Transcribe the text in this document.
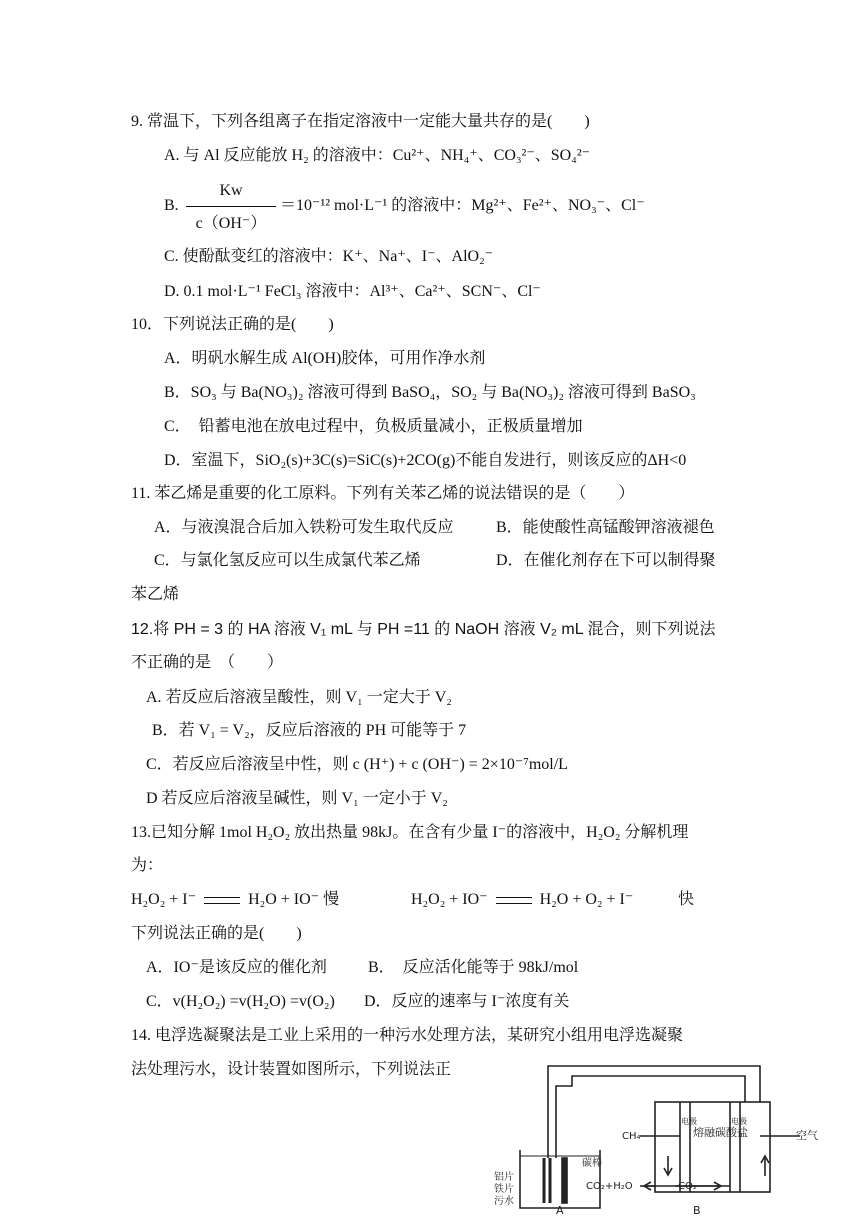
9. 常温下，下列各组离子在指定溶液中一定能大量共存的是(　　)
A. 与 Al 反应能放 H₂ 的溶液中：Cu²⁺、NH₄⁺、CO₃²⁻、SO₄²⁻
B.
Kw
c（OH⁻）
＝10⁻¹² mol·L⁻¹ 的溶液中：Mg²⁺、Fe²⁺、NO₃⁻、Cl⁻
C. 使酚酞变红的溶液中：K⁺、Na⁺、I⁻、AlO₂⁻
D. 0.1 mol·L⁻¹ FeCl₃ 溶液中：Al³⁺、Ca²⁺、SCN⁻、Cl⁻
10．下列说法正确的是(　　)
A．明矾水解生成 Al(OH)胶体，可用作净水剂
B．SO₃ 与 Ba(NO₃)₂ 溶液可得到 BaSO₄，SO₂ 与 Ba(NO₃)₂ 溶液可得到 BaSO₃
C．　铅蓄电池在放电过程中，负极质量减小，正极质量增加
D．室温下，SiO₂(s)+3C(s)=SiC(s)+2CO(g)不能自发进行，则该反应的ΔH<0
11. 苯乙烯是重要的化工原料。下列有关苯乙烯的说法错误的是（　　）
A．与液溴混合后加入铁粉可发生取代反应	B．能使酸性高锰酸钾溶液褪色
C．与氯化氢反应可以生成氯代苯乙烯	D．在催化剂存在下可以制得聚
苯乙烯
12.将 PH = 3 的 HA 溶液 V₁ mL 与 PH =11 的 NaOH 溶液 V₂ mL 混合，则下列说法
不正确的是　（　　）
A. 若反应后溶液呈酸性，则 V₁ 一定大于 V₂
B．若 V₁ = V₂，反应后溶液的 PH 可能等于 7
C．若反应后溶液呈中性，则 c (H⁺) + c (OH⁻) = 2×10⁻⁷mol/L
D 若反应后溶液呈碱性，则 V₁ 一定小于 V₂
13.已知分解 1mol H₂O₂ 放出热量 98kJ。在含有少量 I⁻的溶液中，H₂O₂ 分解机理
为：
H₂O₂ + I⁻	H₂O + IO⁻ 慢	H₂O₂ + IO⁻	H₂O + O₂ + I⁻	快
下列说法正确的是(　　)
A．IO⁻是该反应的催化剂	B．　反应活化能等于 98kJ/mol
C．v(H₂O₂) =v(H₂O) =v(O₂) D．反应的速率与 I⁻浓度有关
14. 电浮选凝聚法是工业上采用的一种污水处理方法，某研究小组用电浮选凝聚
法处理污水，设计装置如图所示，下列说法正
CH₄	空气
熔融碳酸盐
电极	电极
碳棒
铝片
铁片
污水
CO₂+H₂O	CO₂
A	B
